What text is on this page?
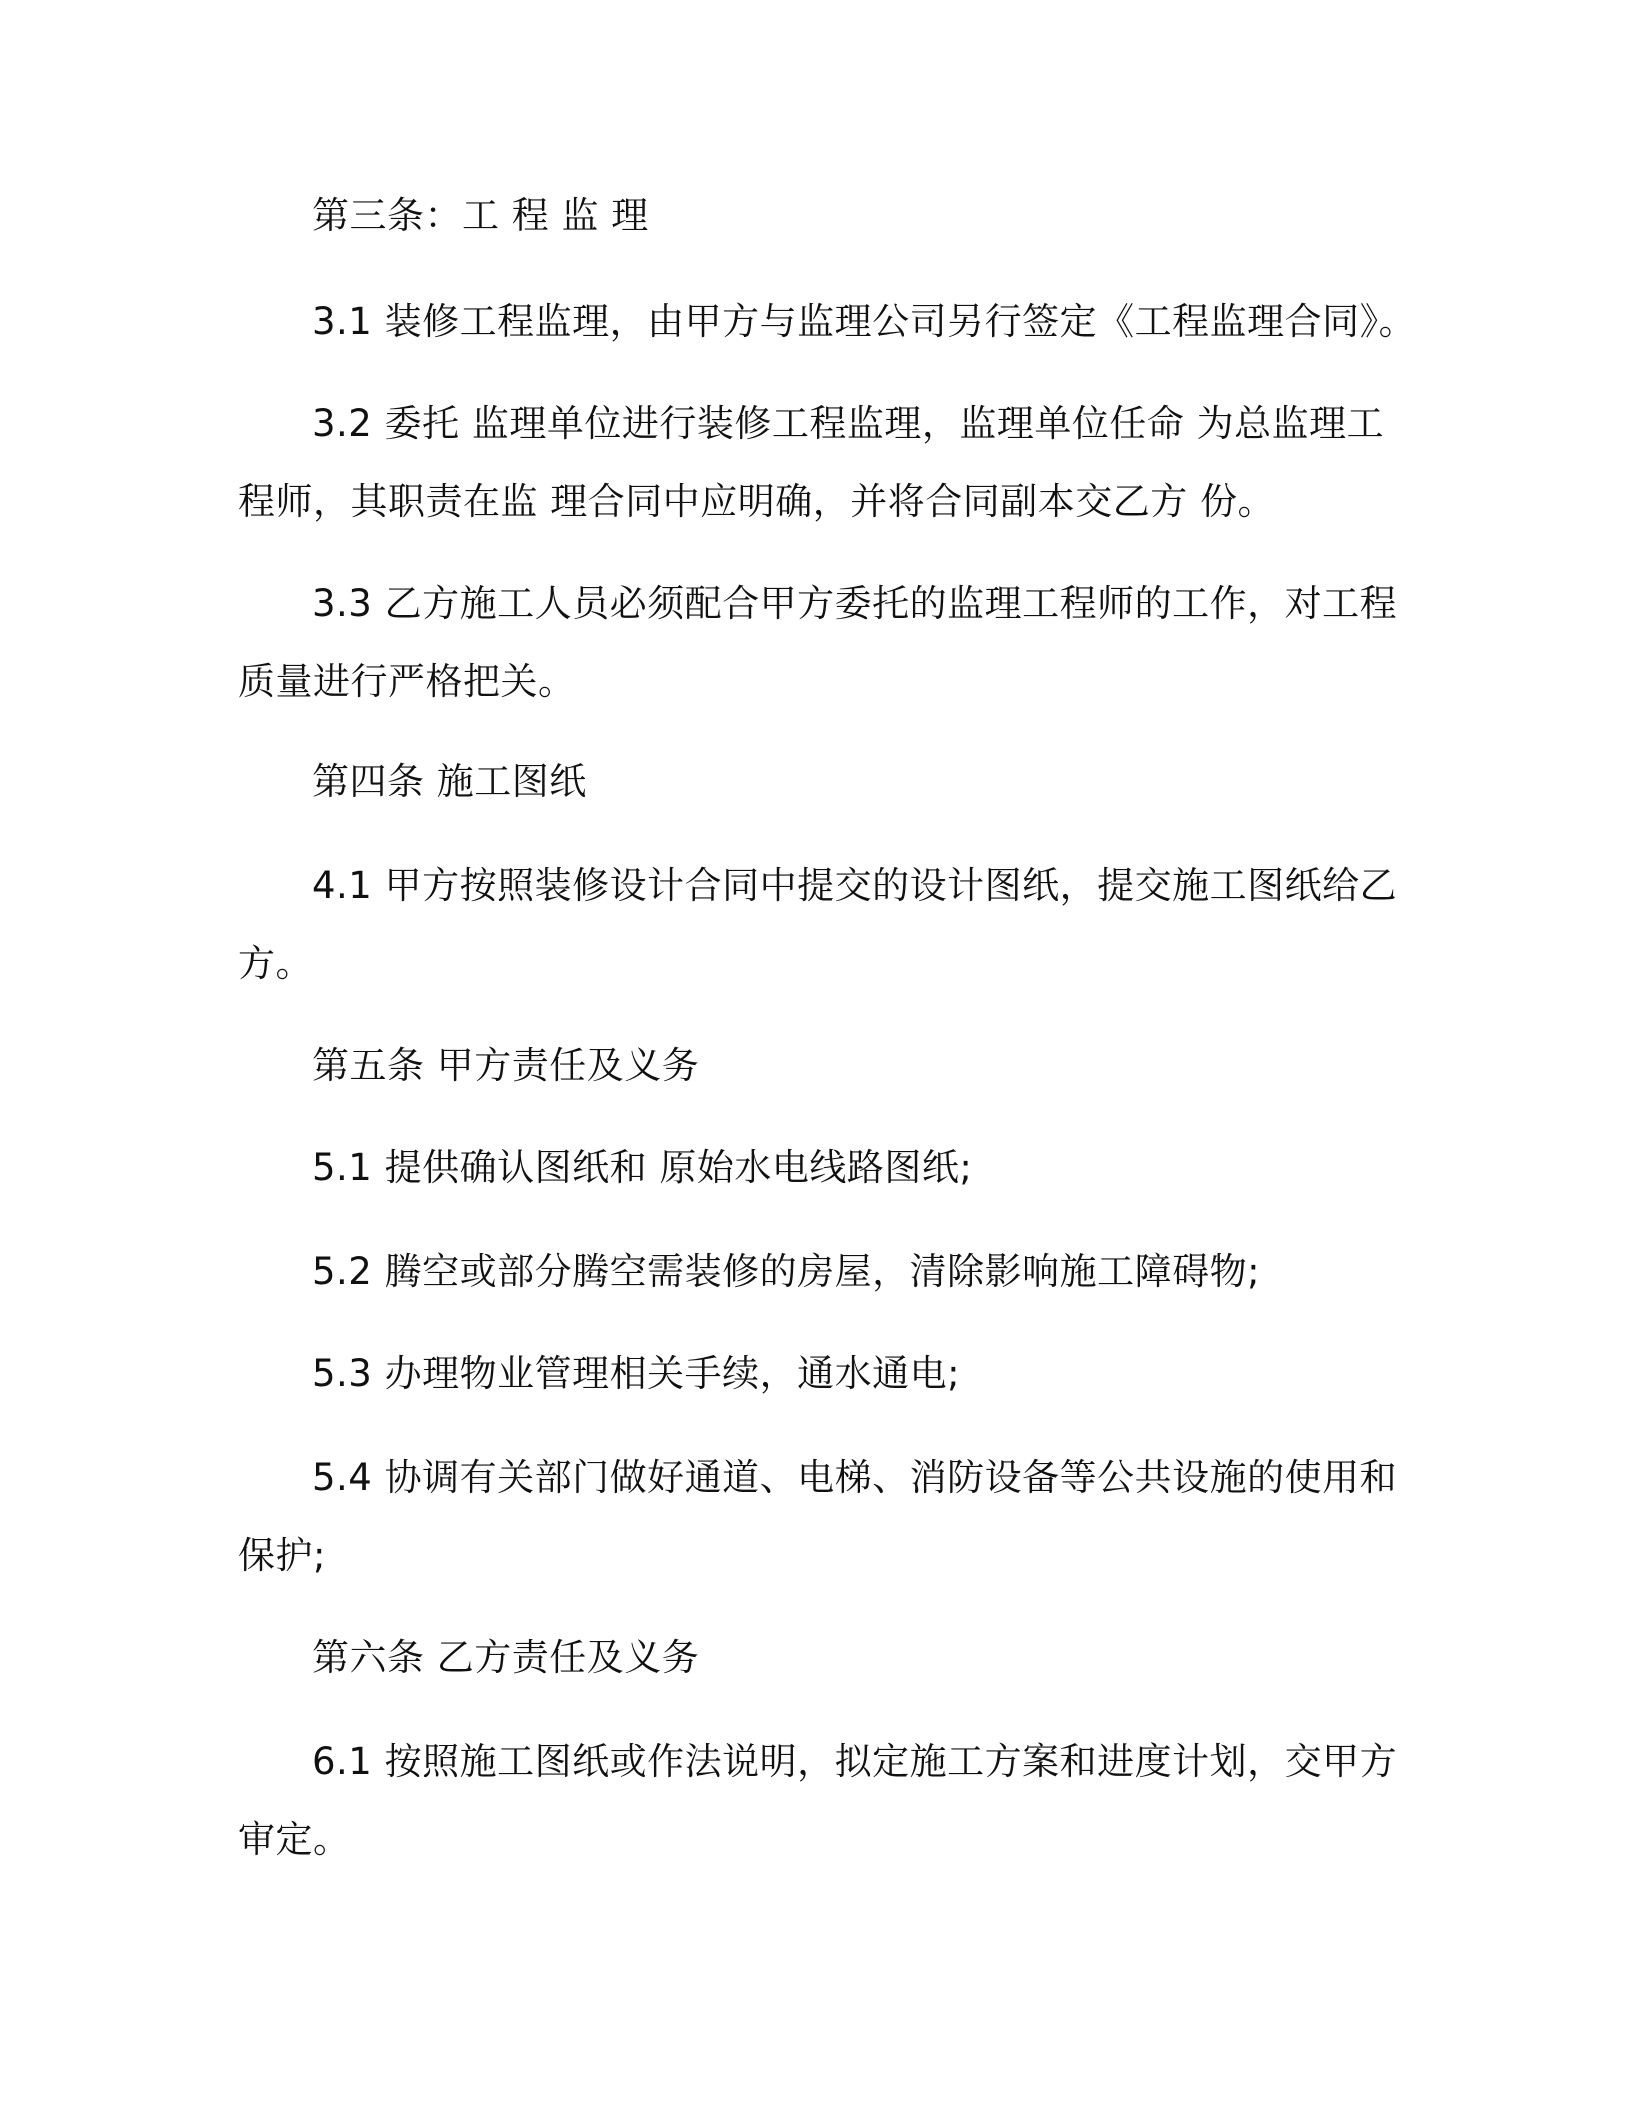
第三条：工 程 监 理
3.1 装修工程监理，由甲方与监理公司另行签定《工程监理合同》。
3.2 委托 监理单位进行装修工程监理，监理单位任命 为总监理工
程师，其职责在监 理合同中应明确，并将合同副本交乙方 份。
3.3 乙方施工人员必须配合甲方委托的监理工程师的工作，对工程
质量进行严格把关。
第四条 施工图纸
4.1 甲方按照装修设计合同中提交的设计图纸，提交施工图纸给乙
方。
第五条 甲方责任及义务
5.1 提供确认图纸和 原始水电线路图纸;
5.2 腾空或部分腾空需装修的房屋，清除影响施工障碍物;
5.3 办理物业管理相关手续，通水通电;
5.4 协调有关部门做好通道、电梯、消防设备等公共设施的使用和
保护;
第六条 乙方责任及义务
6.1 按照施工图纸或作法说明，拟定施工方案和进度计划，交甲方
审定。
